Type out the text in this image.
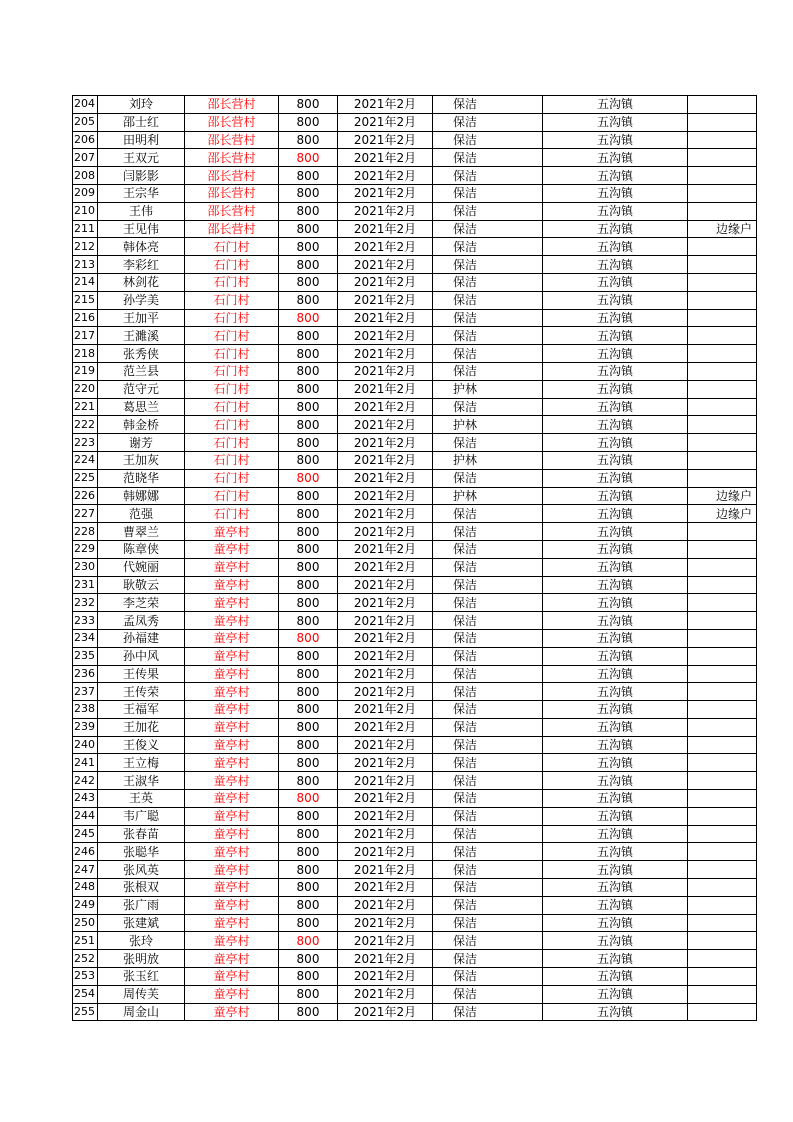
204	刘玲	邵长营村	800	2021年2月	保洁	五沟镇	
205	邵士红	邵长营村	800	2021年2月	保洁	五沟镇	
206	田明利	邵长营村	800	2021年2月	保洁	五沟镇	
207	王双元	邵长营村	800	2021年2月	保洁	五沟镇	
208	闫影影	邵长营村	800	2021年2月	保洁	五沟镇	
209	王宗华	邵长营村	800	2021年2月	保洁	五沟镇	
210	王伟	邵长营村	800	2021年2月	保洁	五沟镇	
211	王见伟	邵长营村	800	2021年2月	保洁	五沟镇	边缘户
212	韩体亮	石门村	800	2021年2月	保洁	五沟镇	
213	李彩红	石门村	800	2021年2月	保洁	五沟镇	
214	林剑花	石门村	800	2021年2月	保洁	五沟镇	
215	孙学美	石门村	800	2021年2月	保洁	五沟镇	
216	王加平	石门村	800	2021年2月	保洁	五沟镇	
217	王濉溪	石门村	800	2021年2月	保洁	五沟镇	
218	张秀侠	石门村	800	2021年2月	保洁	五沟镇	
219	范兰县	石门村	800	2021年2月	保洁	五沟镇	
220	范守元	石门村	800	2021年2月	护林	五沟镇	
221	葛思兰	石门村	800	2021年2月	保洁	五沟镇	
222	韩金桥	石门村	800	2021年2月	护林	五沟镇	
223	谢芳	石门村	800	2021年2月	保洁	五沟镇	
224	王加灰	石门村	800	2021年2月	护林	五沟镇	
225	范晓华	石门村	800	2021年2月	保洁	五沟镇	
226	韩娜娜	石门村	800	2021年2月	护林	五沟镇	边缘户
227	范强	石门村	800	2021年2月	保洁	五沟镇	边缘户
228	曹翠兰	童亭村	800	2021年2月	保洁	五沟镇	
229	陈章侠	童亭村	800	2021年2月	保洁	五沟镇	
230	代婉丽	童亭村	800	2021年2月	保洁	五沟镇	
231	耿敬云	童亭村	800	2021年2月	保洁	五沟镇	
232	李芝荣	童亭村	800	2021年2月	保洁	五沟镇	
233	孟凤秀	童亭村	800	2021年2月	保洁	五沟镇	
234	孙福建	童亭村	800	2021年2月	保洁	五沟镇	
235	孙中风	童亭村	800	2021年2月	保洁	五沟镇	
236	王传果	童亭村	800	2021年2月	保洁	五沟镇	
237	王传荣	童亭村	800	2021年2月	保洁	五沟镇	
238	王福军	童亭村	800	2021年2月	保洁	五沟镇	
239	王加花	童亭村	800	2021年2月	保洁	五沟镇	
240	王俊义	童亭村	800	2021年2月	保洁	五沟镇	
241	王立梅	童亭村	800	2021年2月	保洁	五沟镇	
242	王淑华	童亭村	800	2021年2月	保洁	五沟镇	
243	王英	童亭村	800	2021年2月	保洁	五沟镇	
244	韦广聪	童亭村	800	2021年2月	保洁	五沟镇	
245	张春苗	童亭村	800	2021年2月	保洁	五沟镇	
246	张聪华	童亭村	800	2021年2月	保洁	五沟镇	
247	张风英	童亭村	800	2021年2月	保洁	五沟镇	
248	张根双	童亭村	800	2021年2月	保洁	五沟镇	
249	张广雨	童亭村	800	2021年2月	保洁	五沟镇	
250	张建斌	童亭村	800	2021年2月	保洁	五沟镇	
251	张玲	童亭村	800	2021年2月	保洁	五沟镇	
252	张明放	童亭村	800	2021年2月	保洁	五沟镇	
253	张玉红	童亭村	800	2021年2月	保洁	五沟镇	
254	周传芙	童亭村	800	2021年2月	保洁	五沟镇	
255	周金山	童亭村	800	2021年2月	保洁	五沟镇	
